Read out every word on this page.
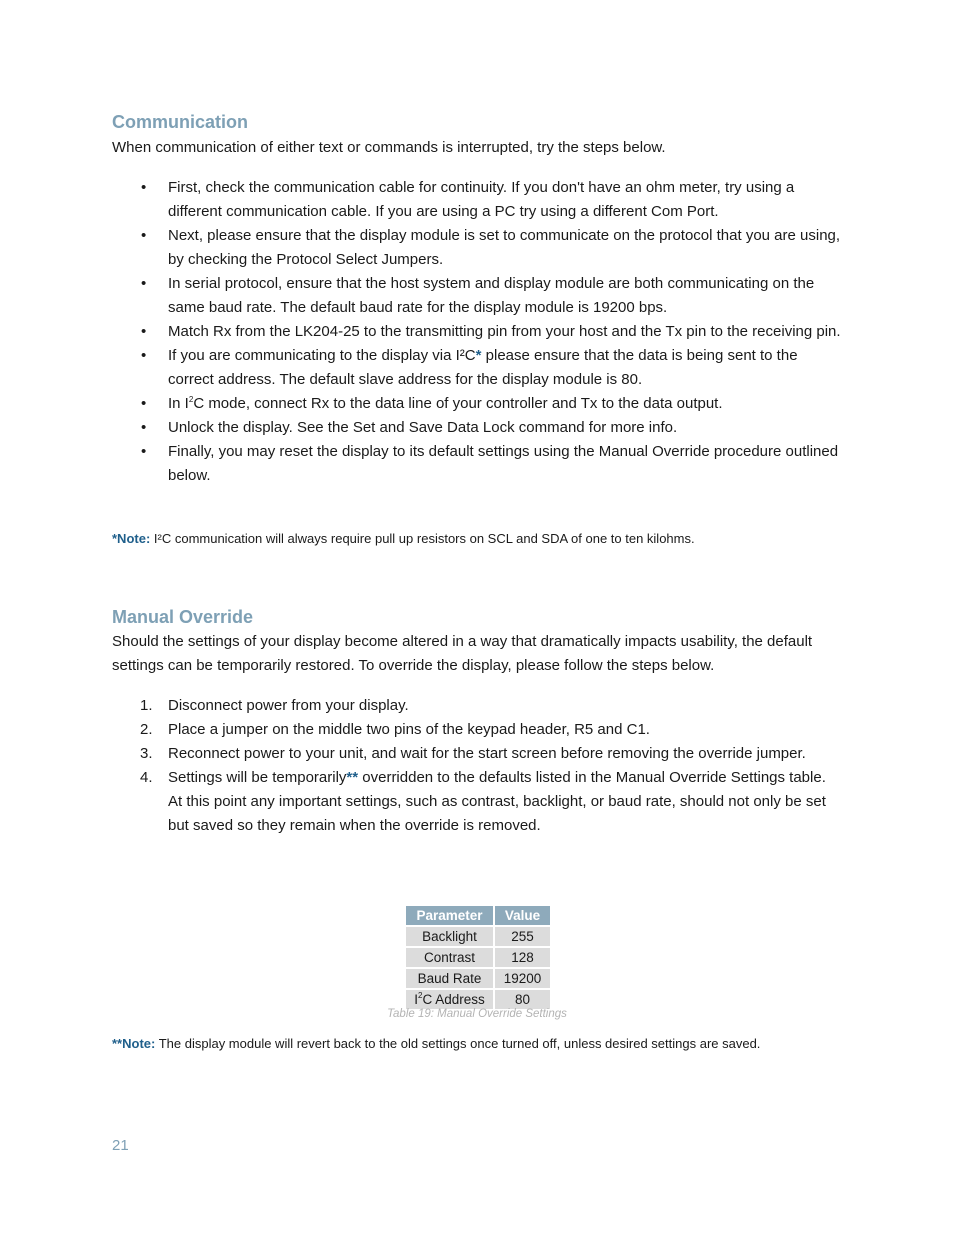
Communication

When communication of either text or commands is interrupted, try the steps below.

• First, check the communication cable for continuity. If you don't have an ohm meter, try using a different communication cable. If you are using a PC try using a different Com Port.
• Next, please ensure that the display module is set to communicate on the protocol that you are using, by checking the Protocol Select Jumpers.
• In serial protocol, ensure that the host system and display module are both communicating on the same baud rate. The default baud rate for the display module is 19200 bps.
• Match Rx from the LK204-25 to the transmitting pin from your host and the Tx pin to the receiving pin.
• If you are communicating to the display via I²C* please ensure that the data is being sent to the correct address. The default slave address for the display module is 80.
• In $I^2C$ mode, connect Rx to the data line of your controller and Tx to the data output.
• Unlock the display. See the Set and Save Data Lock command for more info.
• Finally, you may reset the display to its default settings using the Manual Override procedure outlined below.

*Note: I²C communication will always require pull up resistors on SCL and SDA of one to ten kilohms.

Manual Override

Should the settings of your display become altered in a way that dramatically impacts usability, the default settings can be temporarily restored. To override the display, please follow the steps below.

1. Disconnect power from your display.
2. Place a jumper on the middle two pins of the keypad header, R5 and C1.
3. Reconnect power to your unit, and wait for the start screen before removing the override jumper.
4. Settings will be temporarily** overridden to the defaults listed in the Manual Override Settings table. At this point any important settings, such as contrast, backlight, or baud rate, should not only be set but saved so they remain when the override is removed.
Parameter	Value
Backlight	255
Contrast	128
Baud Rate	19200
$I^2C$ Address	80
Table 19: Manual Override Settings

**Note: The display module will revert back to the old settings once turned off, unless desired settings are saved.

21
